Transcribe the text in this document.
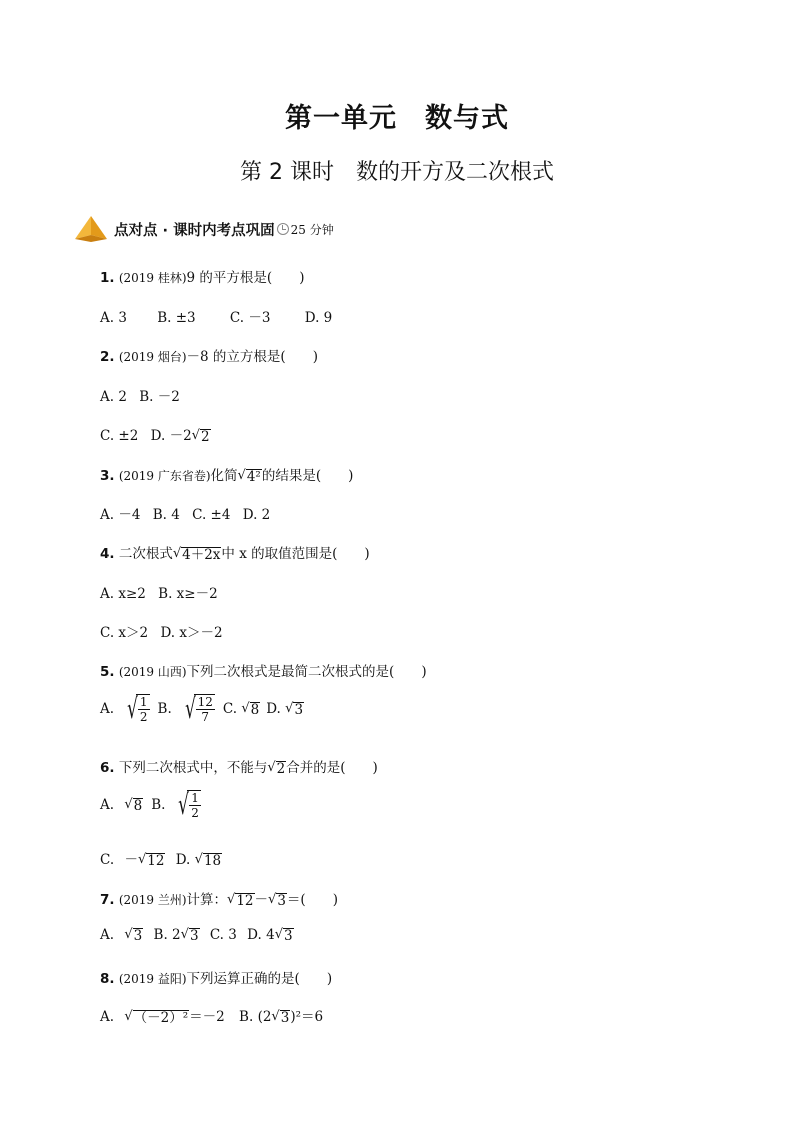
第一单元　数与式
第 2 课时　数的开方及二次根式
点对点 · 课时内考点巩固 25 分钟
1. (2019 桂林)9 的平方根是(　　)
A. 3 B. ±3	C. －3	D. 9
2. (2019 烟台)－8 的立方根是(　　)
A. 2 B. －2
C. ±2 D. －2 √ 2
3. (2019 广东省卷)化简 √ 4² 的结果是(　　)
A. －4 B. 4 C. ±4 D. 2
4. 二次根式 √ 4＋2x 中 x 的取值范围是(　　)
A. x≥2 B. x≥－2
C. x＞2 D. x＞－2
5. (2019 山西)下列二次根式是最简二次根式的是(　　)
A. √
$\frac{1}{2} B$. √
$\frac{12}{7} C$. √ 8 D. √ 3
6. 下列二次根式中，不能与 √ 2 合并的是(　　)
A. √ 8 B. √
$\frac{1}{2}$
C. － √ 12 D. √ 18
7. (2019 兰州)计算： √ 12 － √ 3 ＝(　　)
A. √ 3 B. 2 √ 3 C. 3 D. 4 √ 3
8. (2019 益阳)下列运算正确的是(　　)
A. √ （－2）² ＝－2 B. (2 √ 3 )²＝6
